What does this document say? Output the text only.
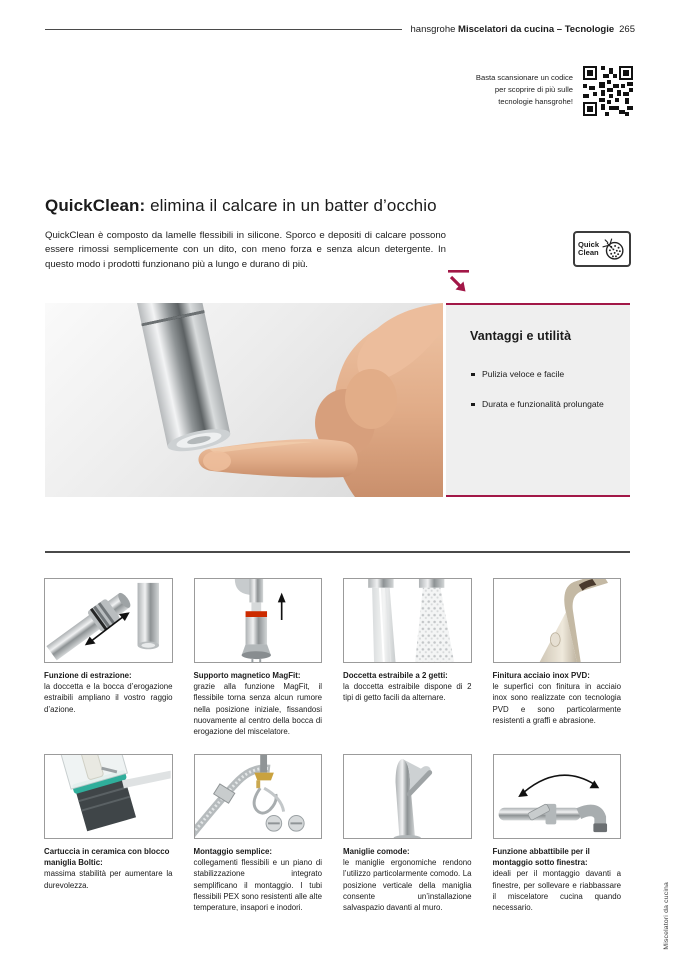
hansgrohe
Miscelatori da cucina – Tecnologie 265
Basta scansionare un codice
per scoprire di più sulle
tecnologie hansgrohe!
QuickClean: elimina il calcare in un batter d’occhio

QuickClean è composto da lamelle flessibili in silicone. Sporco e depositi di calcare possono essere rimossi semplicemente con un dito, con meno forza e senza alcun detergente. In questo modo i prodotti funzionano più a lungo e durano di più.

Quick
Clean
Vantaggi e utilità
Pulizia veloce e facile
Durata e funzionalità prolungate
Funzione di estrazione:

la doccetta e la bocca d’erogazione estraibili ampliano il vostro raggio d’azione.

Supporto magnetico MagFit:

grazie alla funzione MagFit, il flessibile torna senza alcun rumore nella posizione iniziale, fissandosi nuovamente al centro della bocca di erogazione del miscelatore.

Doccetta estraibile a 2 getti:

la doccetta estraibile dispone di 2 tipi di getto facili da alternare.

Finitura acciaio inox PVD:

le superfici con finitura in acciaio inox sono realizzate con tecnologia PVD e sono particolarmente resistenti a graffi e abrasione.

Cartuccia in ceramica con blocco maniglia Boltic:

massima stabilità per aumentare la durevolezza.

Montaggio semplice:

collegamenti flessibili e un piano di stabilizzazione integrato semplificano il montaggio. I tubi flessibili PEX sono resistenti alle alte temperature, insapori e inodori.

Maniglie comode:

le maniglie ergonomiche rendono l’utilizzo particolarmente comodo. La posizione verticale della maniglia consente un’installazione salvaspazio davanti al muro.

Funzione abbattibile per il montaggio sotto finestra:

ideali per il montaggio davanti a finestre, per sollevare e riabbassare il miscelatore cucina quando necessario.	Miscelatori da cucina
